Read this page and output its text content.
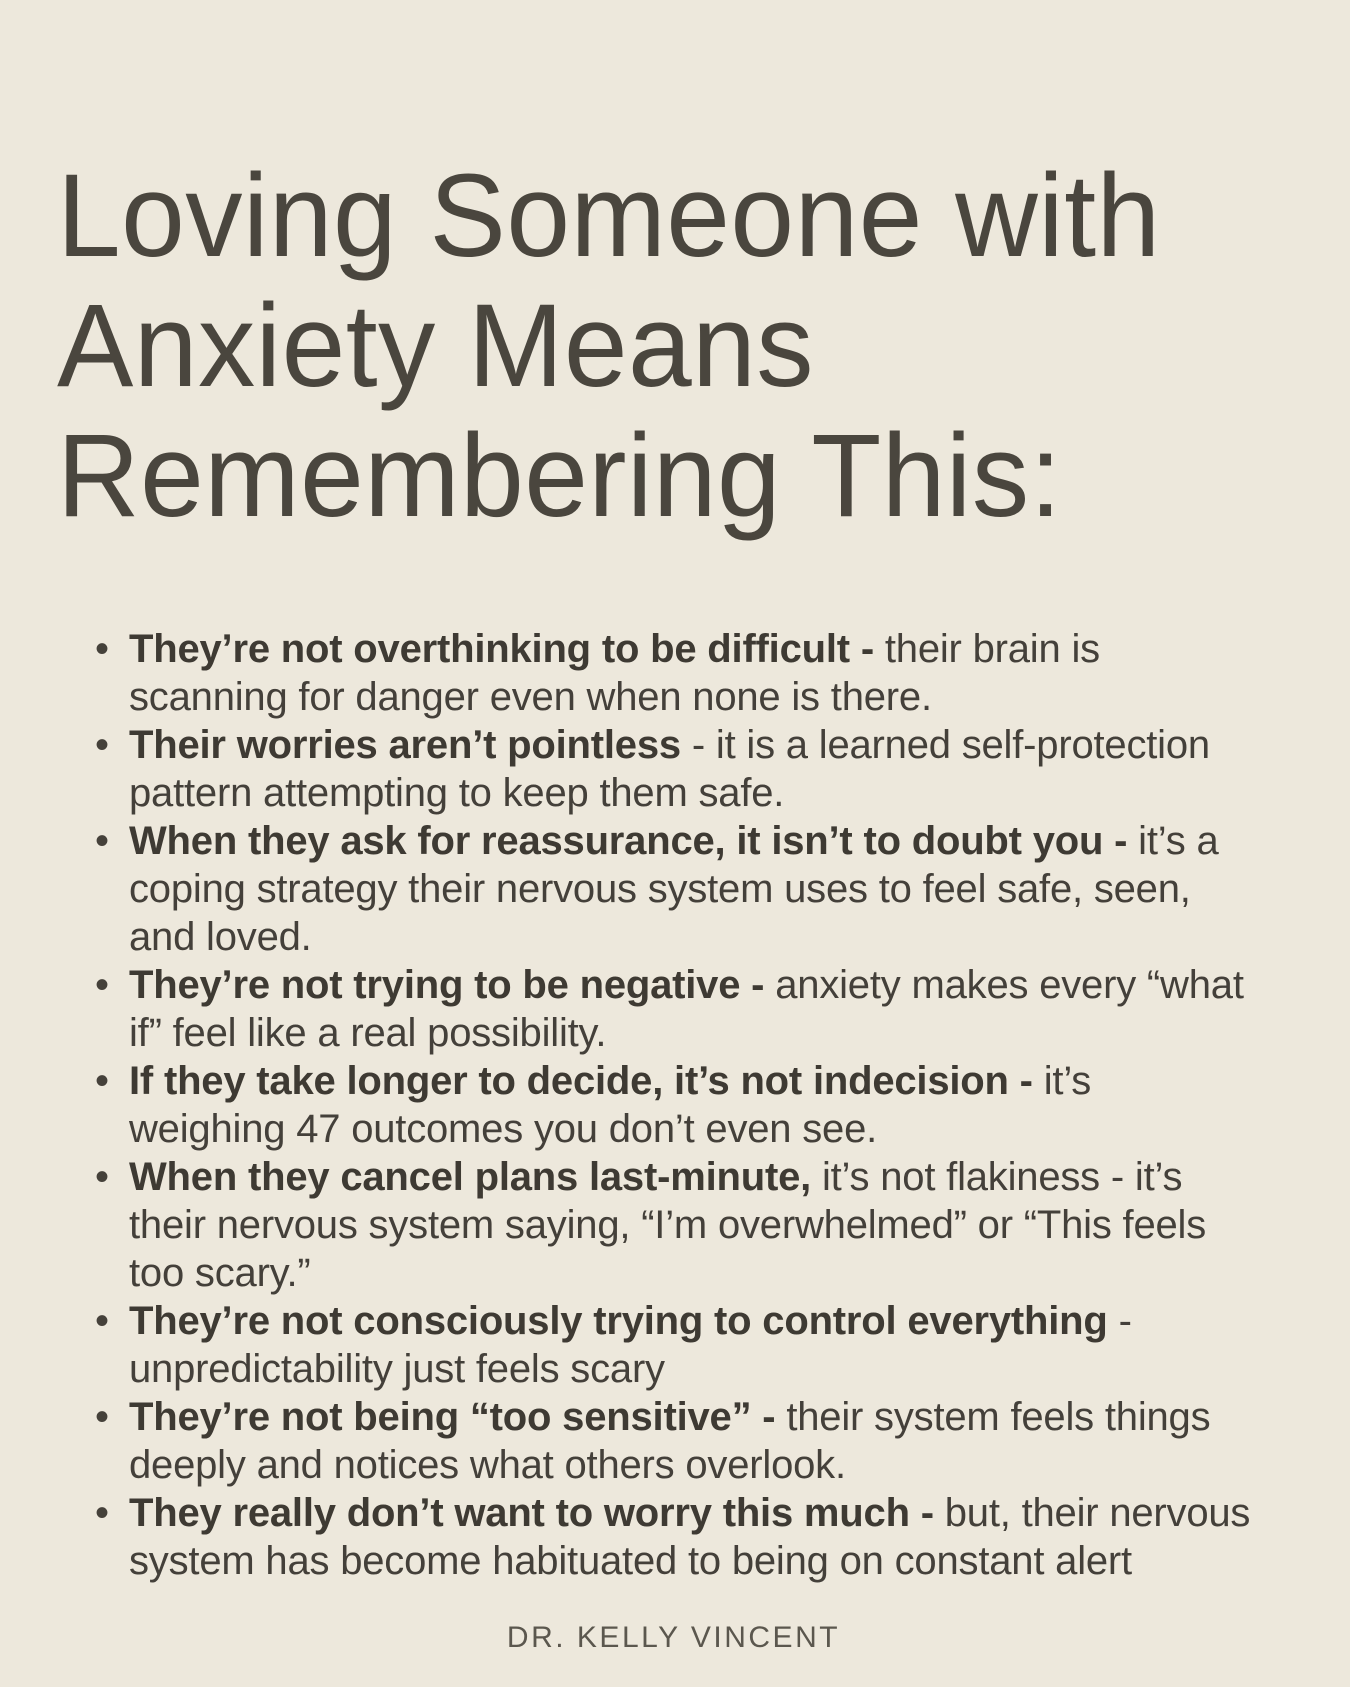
Loving Someone with
Anxiety Means
Remembering This:
• They’re not overthinking to be difficult - their brain is scanning for danger even when none is there.
• Their worries aren’t pointless - it is a learned self-protection pattern attempting to keep them safe.
• When they ask for reassurance, it isn’t to doubt you - it’s a coping strategy their nervous system uses to feel safe, seen, and loved.
• They’re not trying to be negative - anxiety makes every “what if” feel like a real possibility.
• If they take longer to decide, it’s not indecision - it’s weighing 47 outcomes you don’t even see.
• When they cancel plans last-minute, it’s not flakiness - it’s their nervous system saying, “I’m overwhelmed” or “This feels too scary.”
• They’re not consciously trying to control everything - unpredictability just feels scary
• They’re not being “too sensitive” - their system feels things deeply and notices what others overlook.
• They really don’t want to worry this much - but, their nervous system has become habituated to being on constant alert
DR. KELLY VINCENT
